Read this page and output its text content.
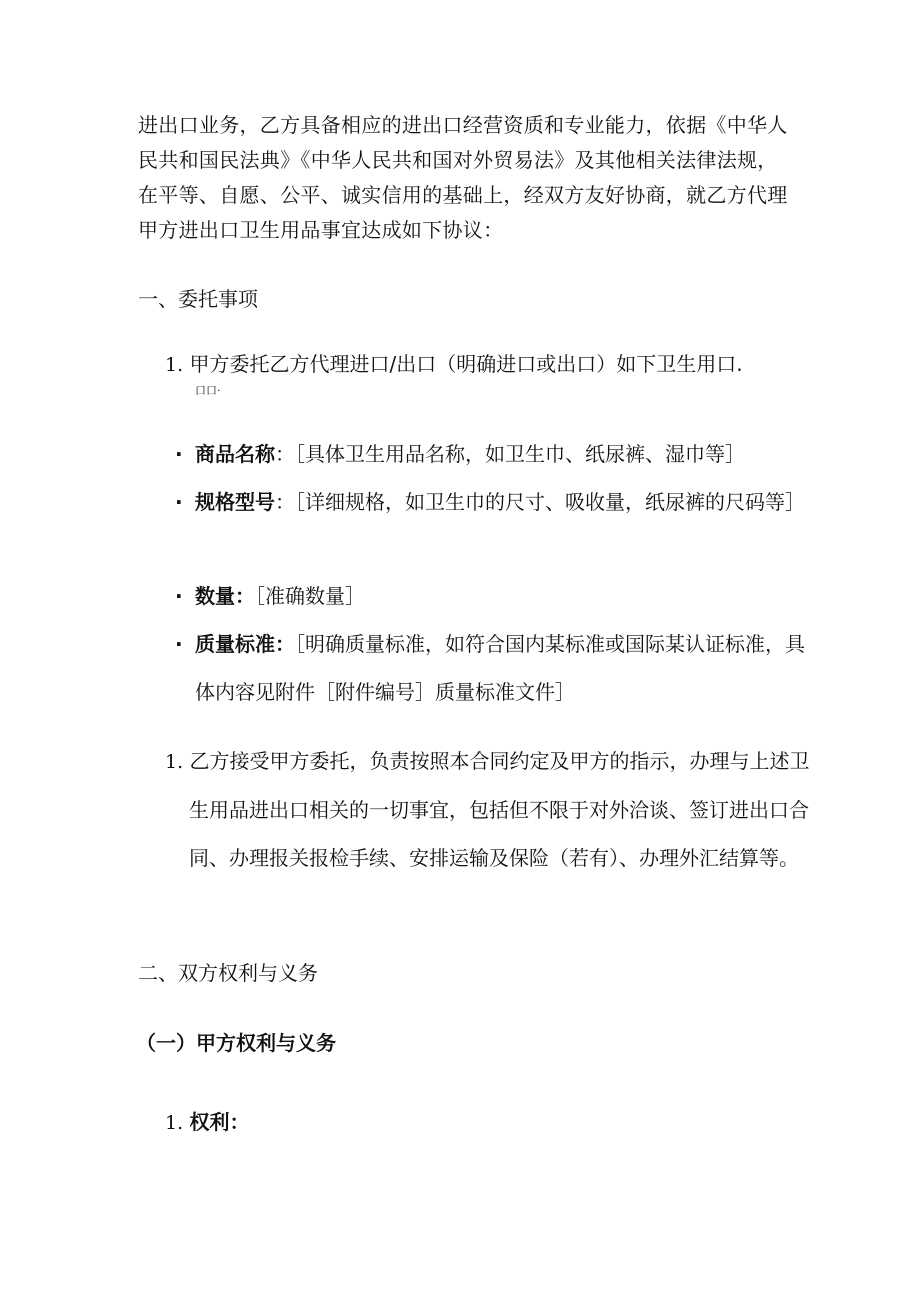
进出口业务，乙方具备相应的进出口经营资质和专业能力，依据《中华人民共和国民法典》《中华人民共和国对外贸易法》及其他相关法律法规，在平等、自愿、公平、诚实信用的基础上，经双方友好协商，就乙方代理甲方进出口卫生用品事宜达成如下协议：

一、委托事项
1. 甲方委托乙方代理进口/出口（明确进口或出口）如下卫生用口.
口口·
· 商品名称：［具体卫生用品名称，如卫生巾、纸尿裤、湿巾等］
· 规格型号：［详细规格，如卫生巾的尺寸、吸收量，纸尿裤的尺码等］
· 数量：［准确数量］
· 质量标准：［明确质量标准，如符合国内某标准或国际某认证标准，具体内容见附件［附件编号］质量标准文件］
1. 乙方接受甲方委托，负责按照本合同约定及甲方的指示，办理与上述卫生用品进出口相关的一切事宜，包括但不限于对外洽谈、签订进出口合同、办理报关报检手续、安排运输及保险（若有）、办理外汇结算等。
二、双方权利与义务
（一）甲方权利与义务
1. 权利：
